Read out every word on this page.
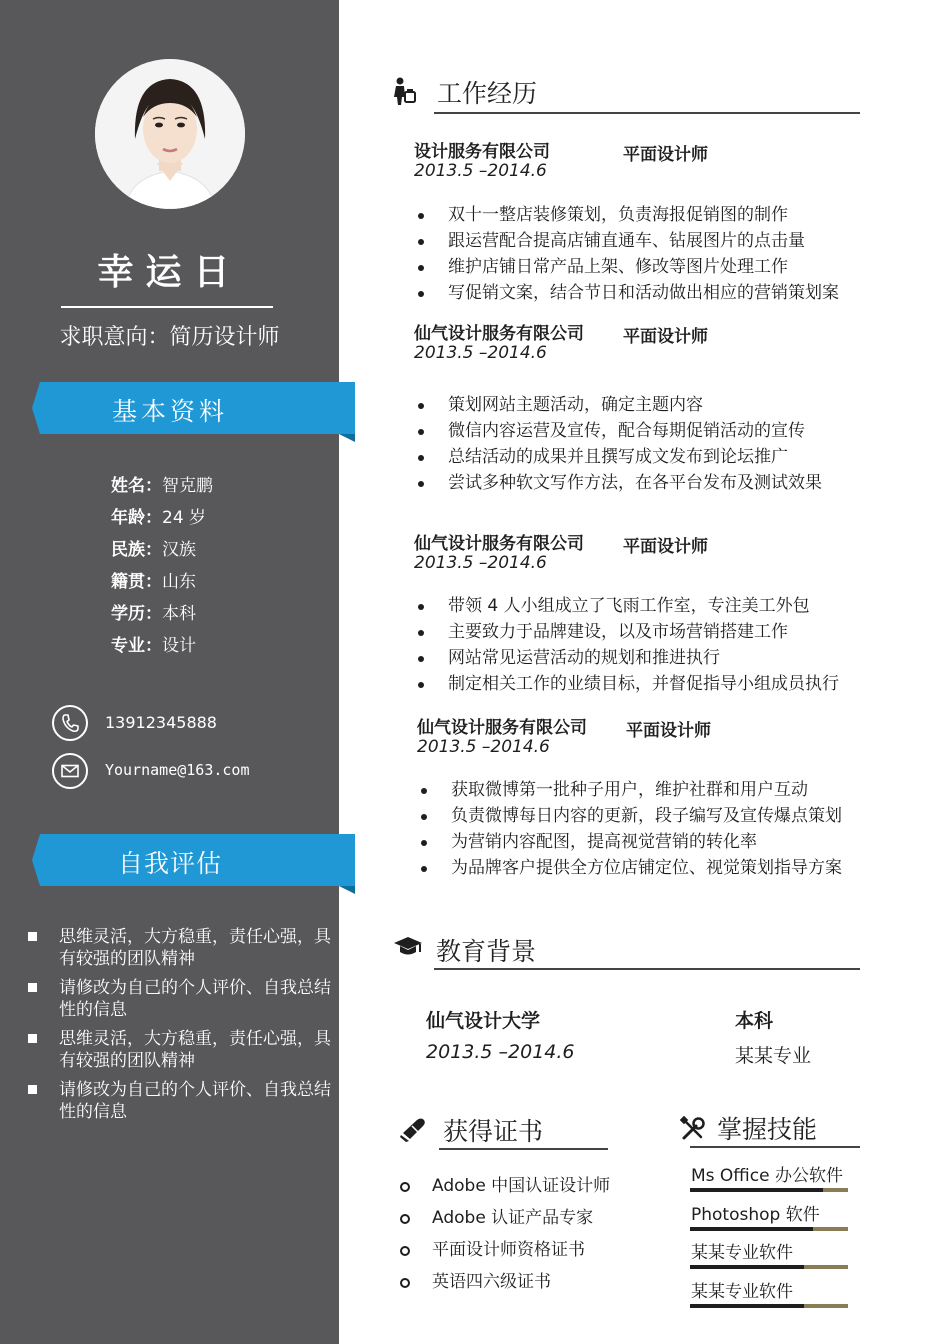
幸运日
求职意向：简历设计师
基本资料
姓名：智克鹏
年龄：24 岁
民族：汉族
籍贯：山东
学历：本科
专业：设计
13912345888
Yourname@163.com
自我评估
思维灵活，大方稳重，责任心强，具有较强的团队精神
请修改为自己的个人评价、自我总结性的信息
思维灵活，大方稳重，责任心强，具有较强的团队精神
请修改为自己的个人评价、自我总结性的信息
工作经历
设计服务有限公司	平面设计师
2013.5 –2014.6
双十一整店装修策划，负责海报促销图的制作
跟运营配合提高店铺直通车、钻展图片的点击量
维护店铺日常产品上架、修改等图片处理工作
写促销文案，结合节日和活动做出相应的营销策划案
仙气设计服务有限公司 平面设计师
2013.5 –2014.6
策划网站主题活动，确定主题内容
微信内容运营及宣传，配合每期促销活动的宣传
总结活动的成果并且撰写成文发布到论坛推广
尝试多种软文写作方法，在各平台发布及测试效果
仙气设计服务有限公司 平面设计师
2013.5 –2014.6
带领 4 人小组成立了飞雨工作室，专注美工外包
主要致力于品牌建设，以及市场营销搭建工作
网站常见运营活动的规划和推进执行
制定相关工作的业绩目标，并督促指导小组成员执行
仙气设计服务有限公司 平面设计师
2013.5 –2014.6
获取微博第一批种子用户，维护社群和用户互动
负责微博每日内容的更新，段子编写及宣传爆点策划
为营销内容配图，提高视觉营销的转化率
为品牌客户提供全方位店铺定位、视觉策划指导方案
教育背景
仙气设计大学	本科
2013.5 –2014.6	某某专业
获得证书
Adobe 中国认证设计师
Adobe 认证产品专家
平面设计师资格证书
英语四六级证书
掌握技能
Ms Office 办公软件
Photoshop 软件
某某专业软件
某某专业软件
